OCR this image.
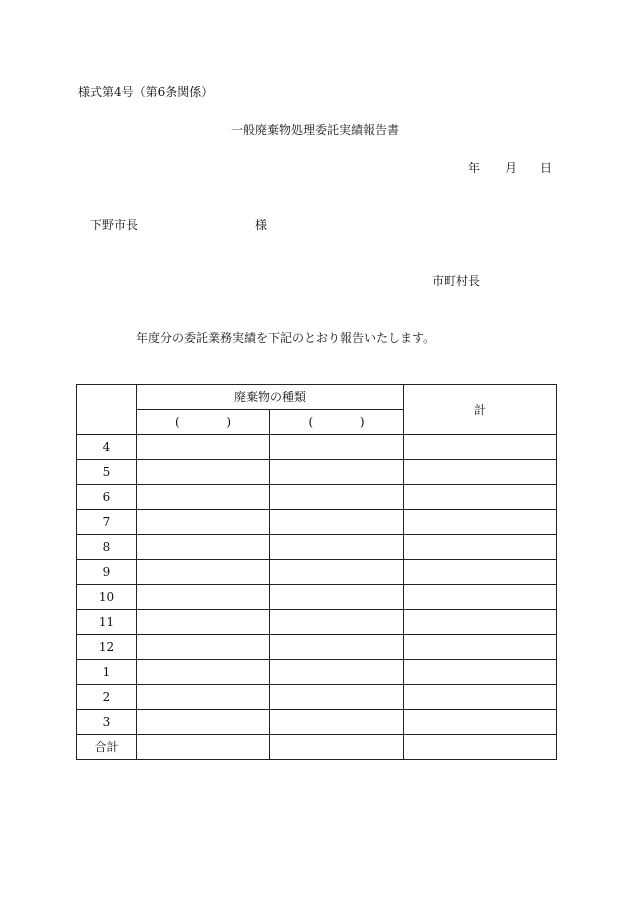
様式第4号（第6条関係）
一般廃棄物処理委託実績報告書
年 月 日
下野市長	様
市町村長
年度分の委託業務実績を下記のとおり報告いたします。
	廃棄物の種類		計
	( )	( )	

4			
5			
6			
7			
8			
9			
10			
11			
12			
1			
2			
3			
合計			
